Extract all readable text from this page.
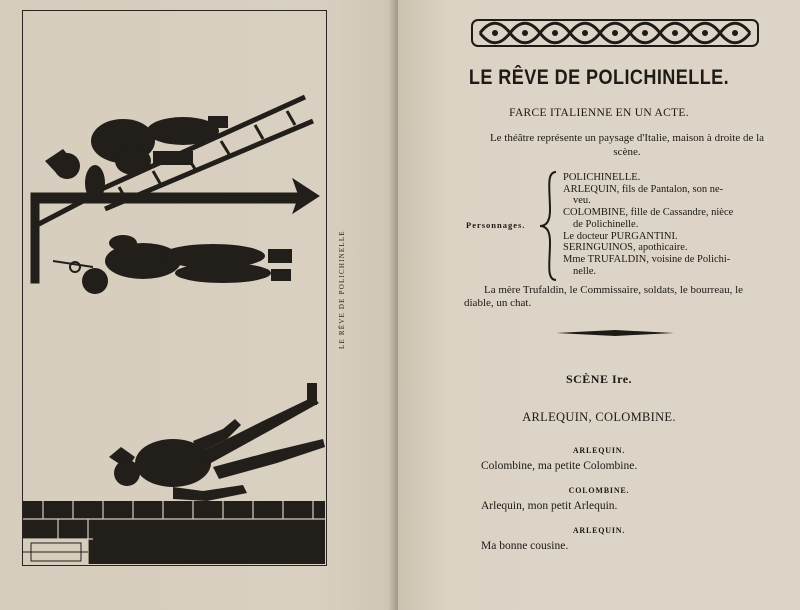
LE RÊVE DE POLICHINELLE
LE RÊVE DE POLICHINELLE.
FARCE ITALIENNE EN UN ACTE.
Le théâtre représente un paysage d'Italie, maison à droite de la scène.
Personnages.
POLICHINELLE.
ARLEQUIN, fils de Pantalon, son ne-
veu.
COLOMBINE, fille de Cassandre, nièce
de Polichinelle.
Le docteur PURGANTINI.
SERINGUINOS, apothicaire.
Mme TRUFALDIN, voisine de Polichi-
nelle.
La mère Trufaldin, le Commissaire, soldats, le bourreau, le diable, un chat.
SCÈNE Ire.
ARLEQUIN, COLOMBINE.
ARLEQUIN.
Colombine, ma petite Colombine.
COLOMBINE.
Arlequin, mon petit Arlequin.
ARLEQUIN.
Ma bonne cousine.
